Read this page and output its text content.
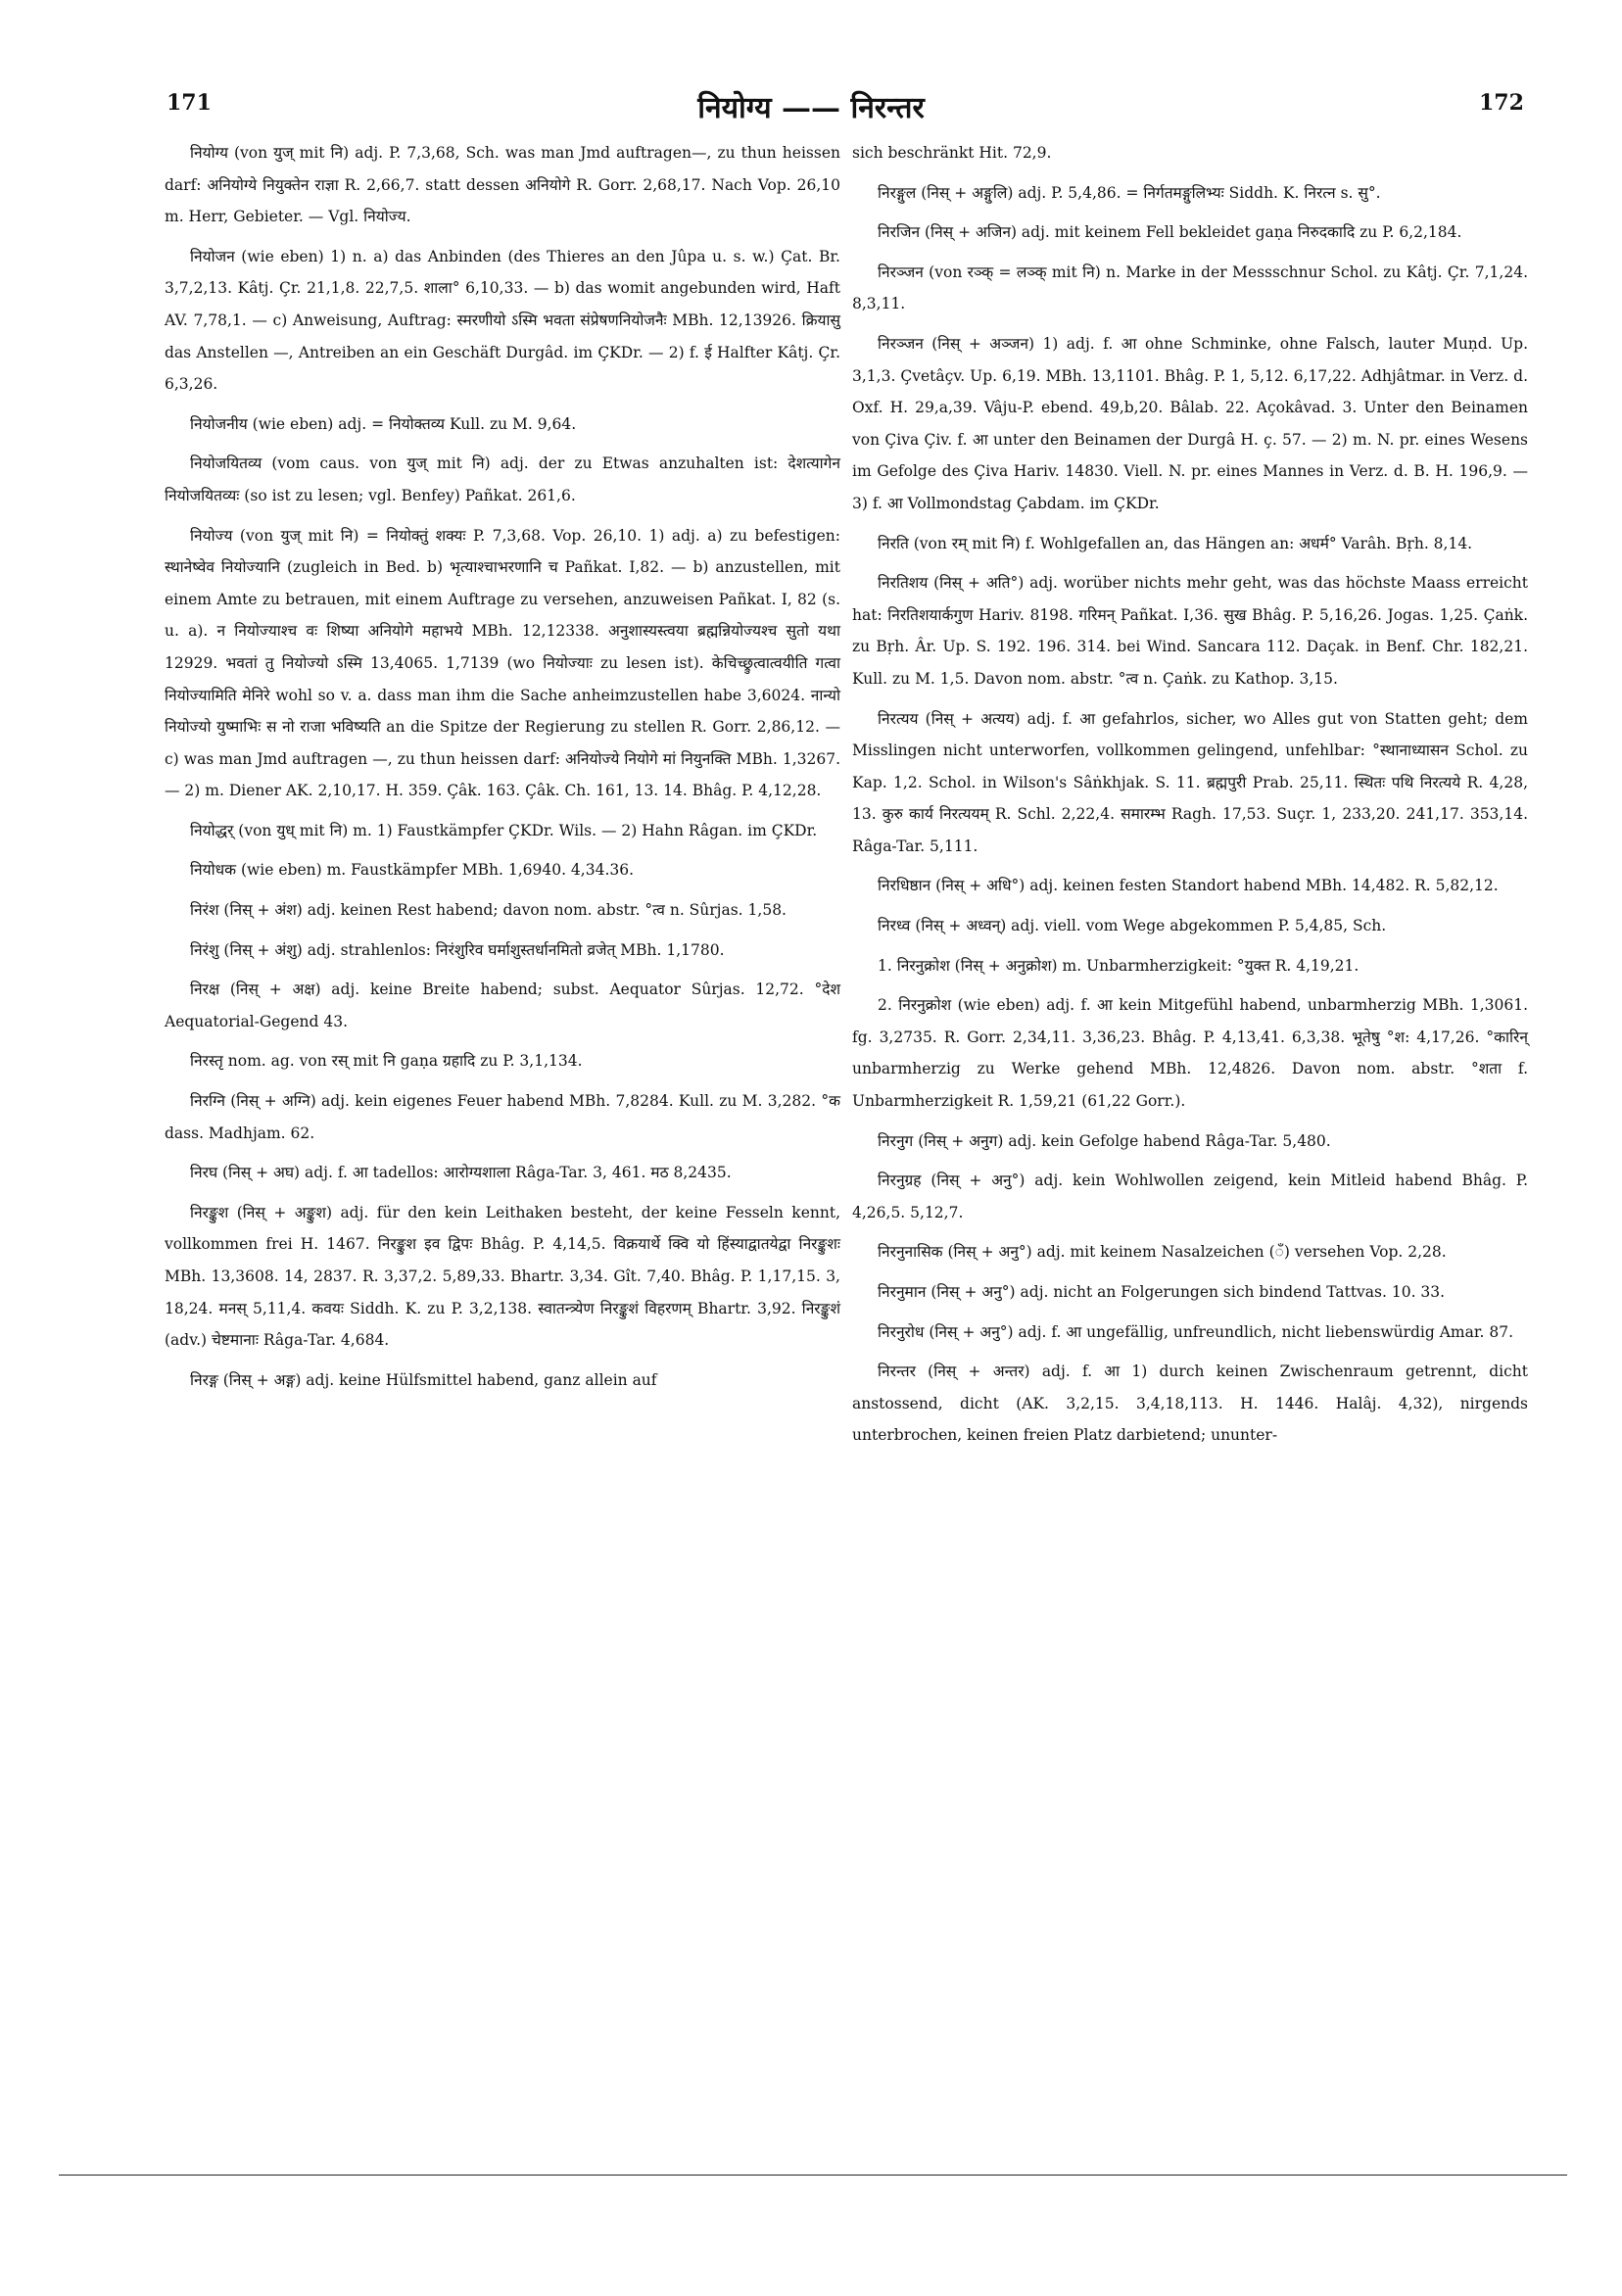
171	नियोग्य —— निरन्तर	172

नियोग्य (von युज् mit नि) adj. P. 7,3,68, Sch. was man Jmd auftragen—, zu thun heissen darf: अनियोग्ये नियुक्तेन राज्ञा R. 2,66,7. statt dessen अनियोगे R. Gorr. 2,68,17. Nach Vop. 26,10 m. Herr, Gebieter. — Vgl. नियोज्य.

नियोजन (wie eben) 1) n. a) das Anbinden (des Thieres an den Jûpa u. s. w.) Çat. Br. 3,7,2,13. Kâtj. Çr. 21,1,8. 22,7,5. शाला° 6,10,33. — b) das womit angebunden wird, Haft AV. 7,78,1. — c) Anweisung, Auftrag: स्मरणीयो ऽस्मि भवता संप्रेषणनियोजनैः MBh. 12,13926. क्रियासु das Anstellen —, Antreiben an ein Geschäft Durgâd. im ÇKDr. — 2) f. ई Halfter Kâtj. Çr. 6,3,26.

नियोजनीय (wie eben) adj. = नियोक्तव्य Kull. zu M. 9,64.

नियोजयितव्य (vom caus. von युज् mit नि) adj. der zu Etwas anzuhalten ist: देशत्यागेन नियोजयितव्यः (so ist zu lesen; vgl. Benfey) Pañkat. 261,6.

नियोज्य (von युज् mit नि) = नियोक्तुं शक्यः P. 7,3,68. Vop. 26,10. 1) adj. a) zu befestigen: स्थानेष्वेव नियोज्यानि (zugleich in Bed. b) भृत्याश्चाभरणानि च Pañkat. I,82. — b) anzustellen, mit einem Amte zu betrauen, mit einem Auftrage zu versehen, anzuweisen Pañkat. I, 82 (s. u. a). न नियोज्याश्च वः शिष्या अनियोगे महाभये MBh. 12,12338. अनुशास्यस्त्वया ब्रह्मन्नियोज्यश्च सुतो यथा 12929. भवतां तु नियोज्यो ऽस्मि 13,4065. 1,7139 (wo नियोज्याः zu lesen ist). केचिच्छ्रुत्वात्वयीति गत्वा नियोज्यामिति मेनिरे wohl so v. a. dass man ihm die Sache anheimzustellen habe 3,6024. नान्यो नियोज्यो युष्माभिः स नो राजा भविष्यति an die Spitze der Regierung zu stellen R. Gorr. 2,86,12. — c) was man Jmd auftragen —, zu thun heissen darf: अनियोज्ये नियोगे मां नियुनक्ति MBh. 1,3267. — 2) m. Diener AK. 2,10,17. H. 359. Çâk. 163. Çâk. Ch. 161, 13. 14. Bhâg. P. 4,12,28.

नियोद्धर् (von युध् mit नि) m. 1) Faustkämpfer ÇKDr. Wils. — 2) Hahn Râgan. im ÇKDr.

नियोधक (wie eben) m. Faustkämpfer MBh. 1,6940. 4,34.36.

निरंश (निस् + अंश) adj. keinen Rest habend; davon nom. abstr. °त्व n. Sûrjas. 1,58.

निरंशु (निस् + अंशु) adj. strahlenlos: निरंशुरिव घर्माशुस्तर्धानमितो व्रजेत् MBh. 1,1780.

निरक्ष (निस् + अक्ष) adj. keine Breite habend; subst. Aequator Sûrjas. 12,72. °देश Aequatorial-Gegend 43.

निरस्तृ nom. ag. von रस् mit नि gaṇa ग्रहादि zu P. 3,1,134.

निरग्नि (निस् + अग्नि) adj. kein eigenes Feuer habend MBh. 7,8284. Kull. zu M. 3,282. °क dass. Madhjam. 62.

निरघ (निस् + अघ) adj. f. आ tadellos: आरोग्यशाला Râga-Tar. 3, 461. मठ 8,2435.

निरङ्कुश (निस् + अङ्कुश) adj. für den kein Leithaken besteht, der keine Fesseln kennt, vollkommen frei H. 1467. निरङ्कुश इव द्विपः Bhâg. P. 4,14,5. विक्रयार्थे क्वि यो हिंस्याद्वातयेद्वा निरङ्कुशः MBh. 13,3608. 14, 2837. R. 3,37,2. 5,89,33. Bhartr. 3,34. Gît. 7,40. Bhâg. P. 1,17,15. 3, 18,24. मनस् 5,11,4. कवयः Siddh. K. zu P. 3,2,138. स्वातन्त्र्येण निरङ्कुशं विहरणम् Bhartr. 3,92. निरङ्कुशं (adv.) चेष्टमानाः Râga-Tar. 4,684.

निरङ्ग (निस् + अङ्ग) adj. keine Hülfsmittel habend, ganz allein auf

sich beschränkt Hit. 72,9.

निरङ्गुल (निस् + अङ्गुलि) adj. P. 5,4,86. = निर्गतमङ्गुलिभ्यः Siddh. K. निरत्न s. सु°.

निरजिन (निस् + अजिन) adj. mit keinem Fell bekleidet gaṇa निरुदकादि zu P. 6,2,184.

निरञ्जन (von रञ्क् = लञ्क् mit नि) n. Marke in der Messschnur Schol. zu Kâtj. Çr. 7,1,24. 8,3,11.

निरञ्जन (निस् + अञ्जन) 1) adj. f. आ ohne Schminke, ohne Falsch, lauter Muṇd. Up. 3,1,3. Çvetâçv. Up. 6,19. MBh. 13,1101. Bhâg. P. 1, 5,12. 6,17,22. Adhjâtmar. in Verz. d. Oxf. H. 29,a,39. Vâju-P. ebend. 49,b,20. Bâlab. 22. Açokâvad. 3. Unter den Beinamen von Çiva Çiv. f. आ unter den Beinamen der Durgâ H. ç. 57. — 2) m. N. pr. eines Wesens im Gefolge des Çiva Hariv. 14830. Viell. N. pr. eines Mannes in Verz. d. B. H. 196,9. — 3) f. आ Vollmondstag Çabdam. im ÇKDr.

निरति (von रम् mit नि) f. Wohlgefallen an, das Hängen an: अधर्म° Varâh. Bṛh. 8,14.

निरतिशय (निस् + अति°) adj. worüber nichts mehr geht, was das höchste Maass erreicht hat: निरतिशयार्कगुण Hariv. 8198. गरिमन् Pañkat. I,36. सुख Bhâg. P. 5,16,26. Jogas. 1,25. Çaṅk. zu Bṛh. Âr. Up. S. 192. 196. 314. bei Wind. Sancara 112. Daçak. in Benf. Chr. 182,21. Kull. zu M. 1,5. Davon nom. abstr. °त्व n. Çaṅk. zu Kathop. 3,15.

निरत्यय (निस् + अत्यय) adj. f. आ gefahrlos, sicher, wo Alles gut von Statten geht; dem Misslingen nicht unterworfen, vollkommen gelingend, unfehlbar: °स्थानाध्यासन Schol. zu Kap. 1,2. Schol. in Wilson's Sâṅkhjak. S. 11. ब्रह्मपुरी Prab. 25,11. स्थितः पथि निरत्यये R. 4,28, 13. कुरु कार्य निरत्ययम् R. Schl. 2,22,4. समारम्भ Ragh. 17,53. Suçr. 1, 233,20. 241,17. 353,14. Râga-Tar. 5,111.

निरधिष्ठान (निस् + अधि°) adj. keinen festen Standort habend MBh. 14,482. R. 5,82,12.

निरध्व (निस् + अध्वन्) adj. viell. vom Wege abgekommen P. 5,4,85, Sch.

1. निरनुक्रोश (निस् + अनुक्रोश) m. Unbarmherzigkeit: °युक्त R. 4,19,21.

2. निरनुक्रोश (wie eben) adj. f. आ kein Mitgefühl habend, unbarmherzig MBh. 1,3061. fg. 3,2735. R. Gorr. 2,34,11. 3,36,23. Bhâg. P. 4,13,41. 6,3,38. भूतेषु °श: 4,17,26. °कारिन् unbarmherzig zu Werke gehend MBh. 12,4826. Davon nom. abstr. °शता f. Unbarmherzigkeit R. 1,59,21 (61,22 Gorr.).

निरनुग (निस् + अनुग) adj. kein Gefolge habend Râga-Tar. 5,480.

निरनुग्रह (निस् + अनु°) adj. kein Wohlwollen zeigend, kein Mitleid habend Bhâg. P. 4,26,5. 5,12,7.

निरनुनासिक (निस् + अनु°) adj. mit keinem Nasalzeichen (ँ) versehen Vop. 2,28.

निरनुमान (निस् + अनु°) adj. nicht an Folgerungen sich bindend Tattvas. 10. 33.

निरनुरोध (निस् + अनु°) adj. f. आ ungefällig, unfreundlich, nicht liebenswürdig Amar. 87.

निरन्तर (निस् + अन्तर) adj. f. आ 1) durch keinen Zwischenraum getrennt, dicht anstossend, dicht (AK. 3,2,15. 3,4,18,113. H. 1446. Halâj. 4,32), nirgends unterbrochen, keinen freien Platz darbietend; ununter-
